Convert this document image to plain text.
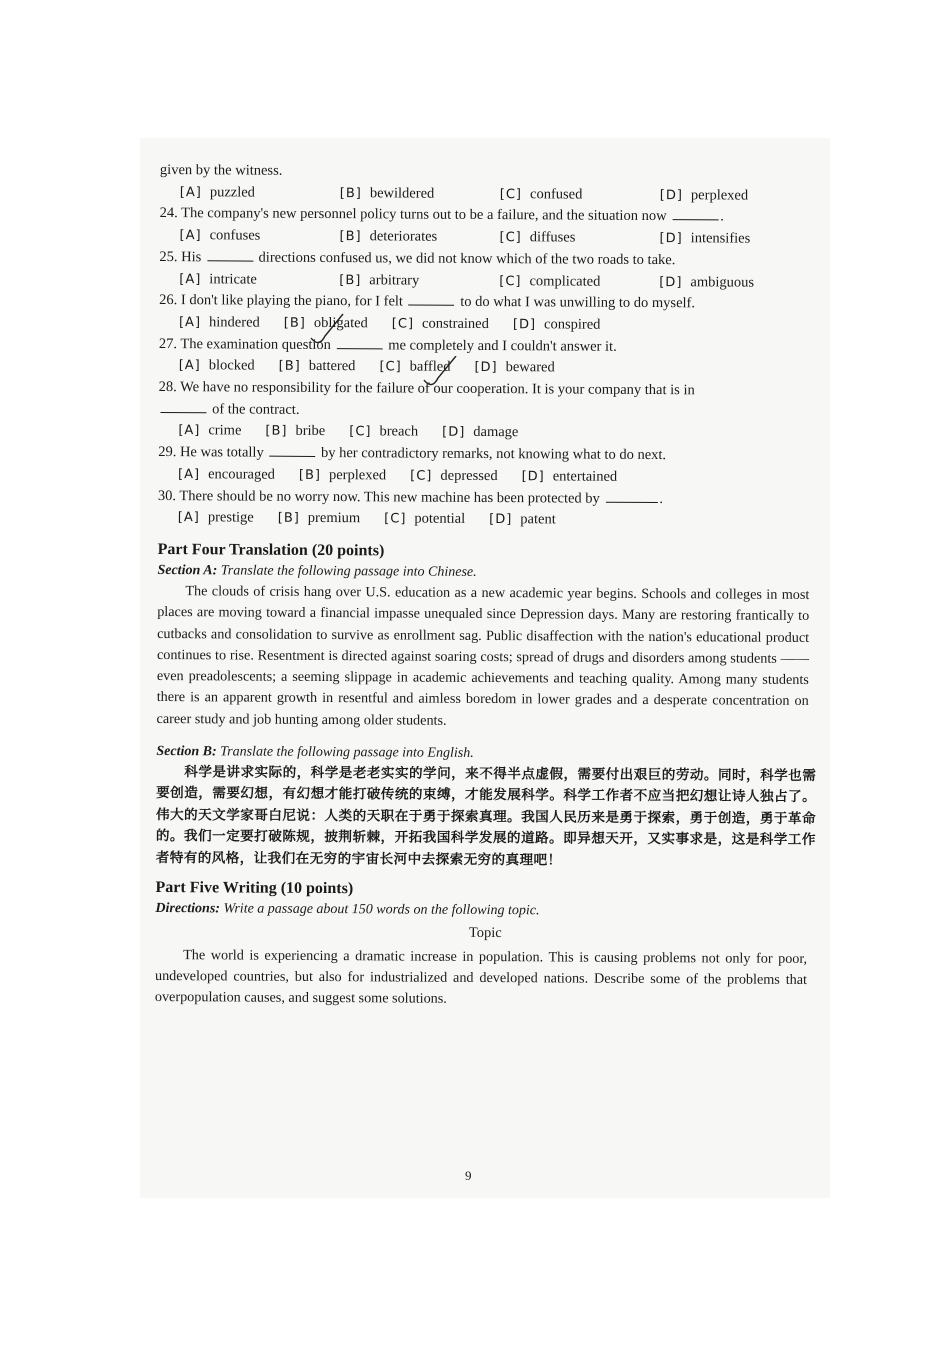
given by the witness.
[A] puzzled	[B] bewildered	[C] confused	[D] perplexed
24. The company's new personnel policy turns out to be a failure, and the situation now	.
[A] confuses	[B] deteriorates	[C] diffuses	[D] intensifies
25. His	directions confused us, we did not know which of the two roads to take.
[A] intricate	[B] arbitrary	[C] complicated	[D] ambiguous
26. I don't like playing the piano, for I felt	to do what I was unwilling to do myself.
[A] hindered [B] obligated [C] constrained [D] conspired
27. The examination question	me completely and I couldn't answer it.
[A] blocked [B] battered [C] baffled [D] bewared
28. We have no responsibility for the failure of our cooperation. It is your company that is in
of the contract.
[A] crime [B] bribe [C] breach [D] damage
29. He was totally	by her contradictory remarks, not knowing what to do next.
[A] encouraged [B] perplexed [C] depressed [D] entertained
30. There should be no worry now. This new machine has been protected by	.
[A] prestige [B] premium [C] potential [D] patent
Part Four Translation (20 points)
Section A: Translate the following passage into Chinese.
The clouds of crisis hang over U.S. education as a new academic year begins. Schools and colleges in most places are moving toward a financial impasse unequaled since Depression days. Many are restoring frantically to cutbacks and consolidation to survive as enrollment sag. Public disaffection with the nation's educational product continues to rise. Resentment is directed against soaring costs; spread of drugs and disorders among students —— even preadolescents; a seeming slippage in academic achievements and teaching quality. Among many students there is an apparent growth in resentful and aimless boredom in lower grades and a desperate concentration on career study and job hunting among older students.
Section B: Translate the following passage into English.
科学是讲求实际的，科学是老老实实的学问，来不得半点虚假，需要付出艰巨的劳动。同时，科学也需要创造，需要幻想，有幻想才能打破传统的束缚，才能发展科学。科学工作者不应当把幻想让诗人独占了。伟大的天文学家哥白尼说：人类的天职在于勇于探索真理。我国人民历来是勇于探索，勇于创造，勇于革命的。我们一定要打破陈规，披荆斩棘，开拓我国科学发展的道路。即异想天开，又实事求是，这是科学工作者特有的风格，让我们在无穷的宇宙长河中去探索无穷的真理吧！
Part Five Writing (10 points)
Directions: Write a passage about 150 words on the following topic.
Topic
The world is experiencing a dramatic increase in population. This is causing problems not only for poor, undeveloped countries, but also for industrialized and developed nations. Describe some of the problems that overpopulation causes, and suggest some solutions.
9
